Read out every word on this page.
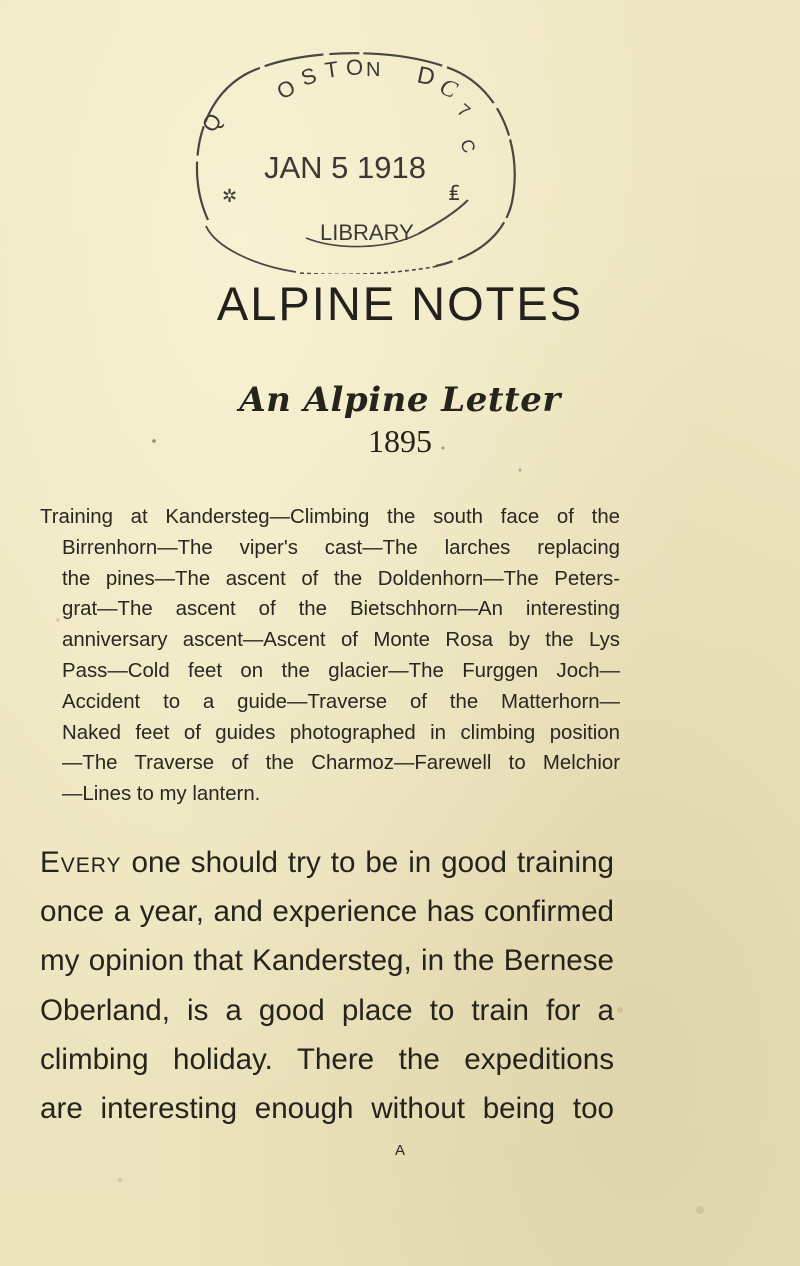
O
S T O N
Q
D
C
7
C
JAN 5 1918
✲	₤
LIBRARY
ALPINE NOTES
An Alpine Letter
1895
Training at Kandersteg—Climbing the south face of the
Birrenhorn—The viper's cast—The larches replacing
the pines—The ascent of the Doldenhorn—The Peters-
grat—The ascent of the Bietschhorn—An interesting
anniversary ascent—Ascent of Monte Rosa by the Lys
Pass—Cold feet on the glacier—The Furggen Joch—
Accident to a guide—Traverse of the Matterhorn—
Naked feet of guides photographed in climbing position
—The Traverse of the Charmoz—Farewell to Melchior
—Lines to my lantern.
Every one should try to be in good training
once a year, and experience has confirmed
my opinion that Kandersteg, in the Bernese
Oberland, is a good place to train for a
climbing holiday. There the expeditions
are interesting enough without being too
A
